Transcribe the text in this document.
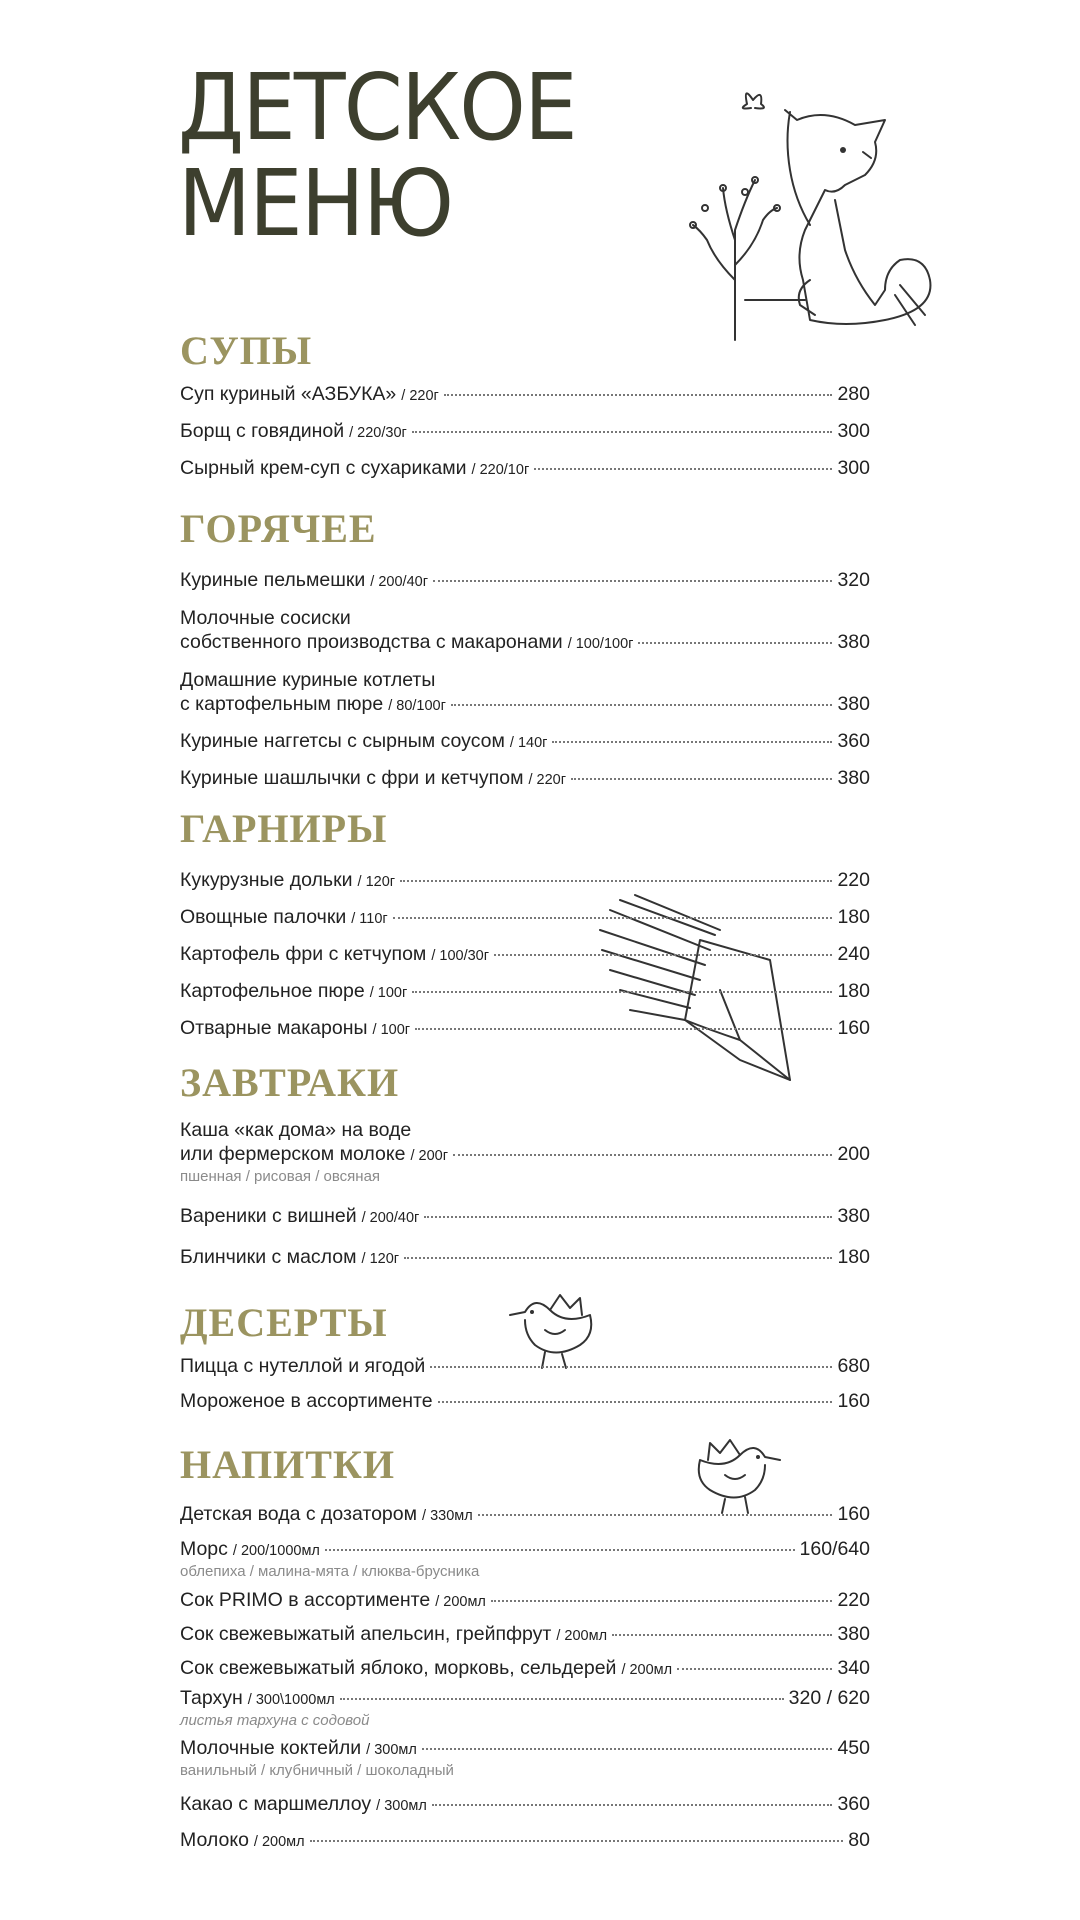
ДЕТСКОЕ
МЕНЮ
СУПЫ
Суп куриный «АЗБУКА» / 220г	280
Борщ с говядиной / 220/30г	300
Сырный крем-суп с сухариками / 220/10г	300
ГОРЯЧЕЕ
Куриные пельмешки / 200/40г	320
Молочные сосиски
собственного производства с макаронами / 100/100г	380
Домашние куриные котлеты
с картофельным пюре / 80/100г	380
Куриные наггетсы с сырным соусом / 140г	360
Куриные шашлычки с фри и кетчупом / 220г	380
ГАРНИРЫ
Кукурузные дольки / 120г	220
Овощные палочки / 110г	180
Картофель фри с кетчупом / 100/30г	240
Картофельное пюре / 100г	180
Отварные макароны / 100г	160
ЗАВТРАКИ
Каша «как дома» на воде
или фермерском молоке / 200г	200
пшенная / рисовая / овсяная
Вареники с вишней / 200/40г	380
Блинчики с маслом / 120г	180
ДЕСЕРТЫ
Пицца с нутеллой и ягодой	680
Мороженое в ассортименте	160
НАПИТКИ
Детская вода с дозатором / 330мл	160
Морс / 200/1000мл	160/640
облепиха / малина-мята / клюква-брусника
Сок PRIMO в ассортименте / 200мл	220
Сок свежевыжатый апельсин, грейпфрут / 200мл	380
Сок свежевыжатый яблоко, морковь, сельдерей / 200мл	340
Тархун / 300\1000мл	320 / 620
листья тархуна с содовой
Молочные коктейли / 300мл	450
ванильный / клубничный / шоколадный
Какао с маршмеллоу / 300мл	360
Молоко / 200мл	80
